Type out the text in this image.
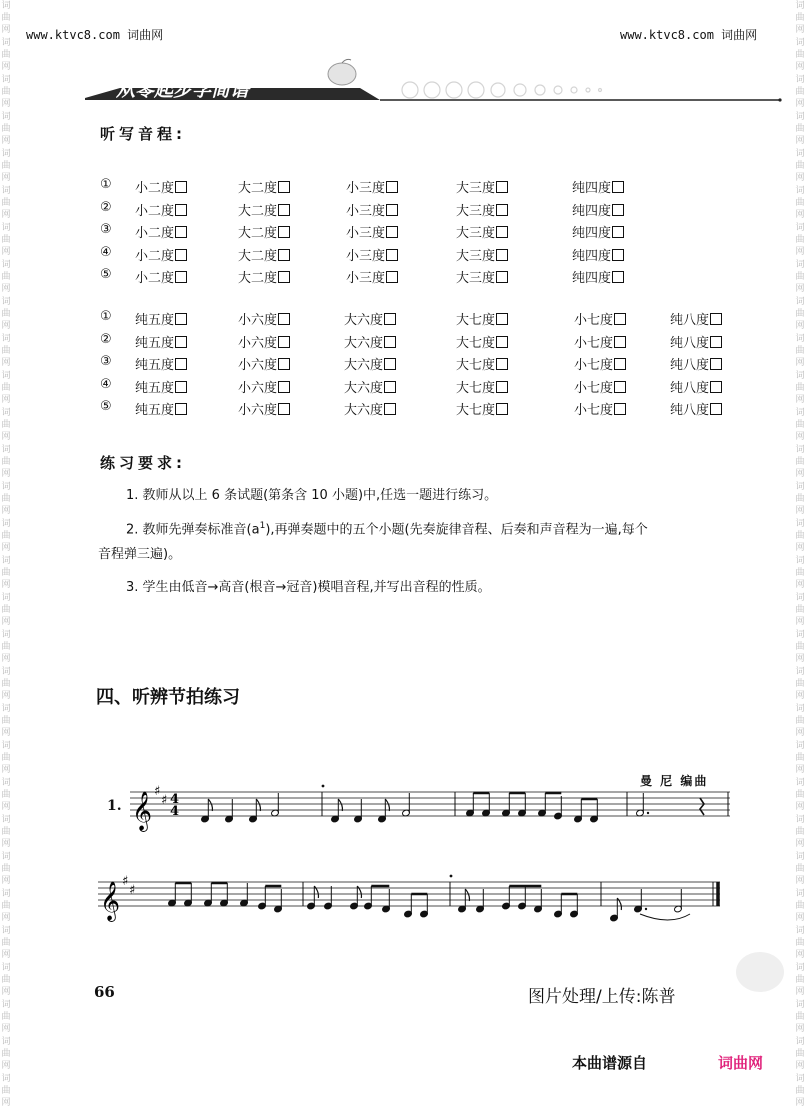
词
曲
网
词
曲
网
词
曲
网
词
曲
网
词
曲
网
词
曲
网
词
曲
网
词
曲
网
词
曲
网
词
曲
网
词
曲
网
词
曲
网
词
曲
网
词
曲
网
词
曲
网
词
曲
网
词
曲
网
词
曲
网
词
曲
网
词
曲
网
词
曲
网
词
曲
网
词
曲
网
词
曲
网
词
曲
网
词
曲
网
词
曲
网
词
曲
网
词
曲
网
词
曲
网
词
曲
网
词
曲
网
词
曲
网
词
曲
网
词
曲
网
词
曲
网
词
曲
网
词
曲
网
词
曲
网
词
曲
网
词
曲
网
词
曲
网
词
曲
网
词
曲
网
词
曲
网
词
曲
网
词
曲
网
词
曲
网
词
曲
网
词
曲
网
词
曲
网
词
曲
网
词
曲
网
词
曲
网
词
曲
网
词
曲
网
词
曲
网
词
曲
网
词
曲
网
词
曲
网
www.ktvc8.com 词曲网	www.ktvc8.com 词曲网
从零起步学简谱
听写音程:
① 小二度	大二度	小三度	大三度	纯四度
② 小二度	大二度	小三度	大三度	纯四度
③ 小二度	大二度	小三度	大三度	纯四度
④ 小二度	大二度	小三度	大三度	纯四度
⑤ 小二度	大二度	小三度	大三度	纯四度
① 纯五度	小六度	大六度	大七度	小七度	纯八度
② 纯五度	小六度	大六度	大七度	小七度	纯八度
③ 纯五度	小六度	大六度	大七度	小七度	纯八度
④ 纯五度	小六度	大六度	大七度	小七度	纯八度
⑤ 纯五度	小六度	大六度	大七度	小七度	纯八度
练习要求:
1. 教师从以上 6 条试题(第条含 10 小题)中,任选一题进行练习。
2. 教师先弹奏标准音$(a^1)$,再弹奏题中的五个小题(先奏旋律音程、后奏和声音程为一遍,每个
音程弹三遍)。
3. 学生由低音→高音(根音→冠音)模唱音程,并写出音程的性质。
四、听辨节拍练习
曼 尼 编曲
1. 𝄞 ♯
♯ 4
4
𝄞 ♯
♯
66	图片处理/上传:陈普
本曲谱源自	词曲网
